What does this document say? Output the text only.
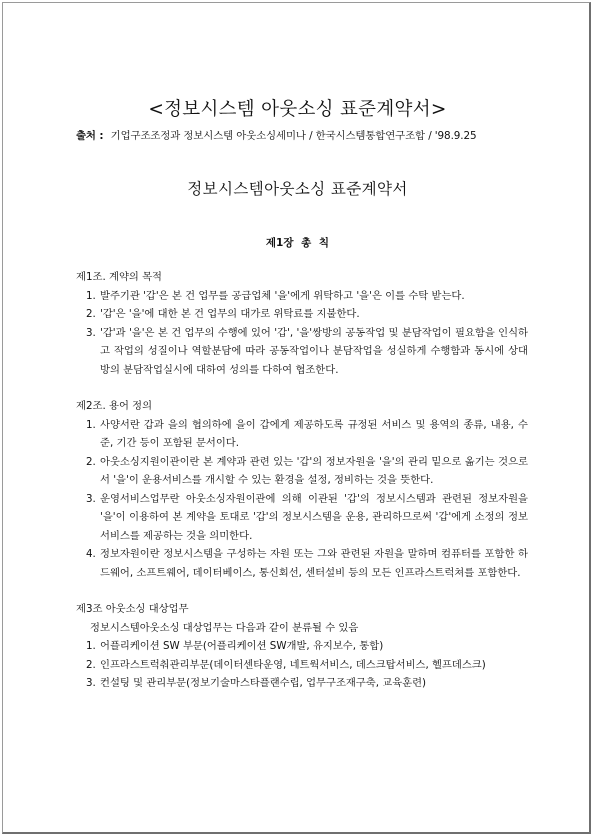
<정보시스템 아웃소싱 표준계약서>
출처 : 기업구조조정과 정보시스템 아웃소싱세미나 / 한국시스템통합연구조합 / '98.9.25
정보시스템아웃소싱 표준계약서
제1장 총 칙

제1조. 계약의 목적

1. 발주기관 '갑'은 본 건 업무를 공급업체 '을'에게 위탁하고 '을'은 이를 수탁 받는다.
2. '갑'은 '을'에 대한 본 건 업무의 대가로 위탁료를 지불한다.
3. '갑'과 '을'은 본 건 업무의 수행에 있어 '갑', '을'쌍방의 공동작업 및 분담작업이 필요함을 인식하고 작업의 성질이나 역할분담에 따라 공동작업이나 분담작업을 성실하게 수행함과 동시에 상대방의 분담작업실시에 대하여 성의를 다하여 협조한다.

제2조. 용어 정의

1. 사양서란 갑과 을의 협의하에 을이 갑에게 제공하도록 규정된 서비스 및 용역의 종류, 내용, 수준, 기간 등이 포함된 문서이다.
2. 아웃소싱지원이관이란 본 계약과 관련 있는 '갑'의 정보자원을 '을'의 관리 밑으로 옮기는 것으로서 '을'이 운용서비스를 개시할 수 있는 환경을 설정, 정비하는 것을 뜻한다.
3. 운영서비스업무란 아웃소싱자원이관에 의해 이관된 '갑'의 정보시스템과 관련된 정보자원을 '을'이 이용하여 본 계약을 토대로 '갑'의 정보시스템을 운용, 관리하므로써 '갑'에게 소정의 정보서비스를 제공하는 것을 의미한다.
4. 정보자원이란 정보시스템을 구성하는 자원 또는 그와 관련된 자원을 말하며 컴퓨터를 포함한 하드웨어, 소프트웨어, 데이터베이스, 통신회선, 센터설비 등의 모든 인프라스트럭쳐를 포함한다.

제3조 아웃소싱 대상업무

정보시스템아웃소싱 대상업무는 다음과 같이 분류될 수 있음
1. 어플리케이션 SW 부문(어플리케이션 SW개발, 유지보수, 통합)
2. 인프라스트럭춰관리부문(데이터센타운영, 네트웍서비스, 데스크탑서비스, 헬프데스크)
3. 컨설팅 및 관리부문(정보기술마스타플랜수립, 업무구조재구축, 교육훈련)
